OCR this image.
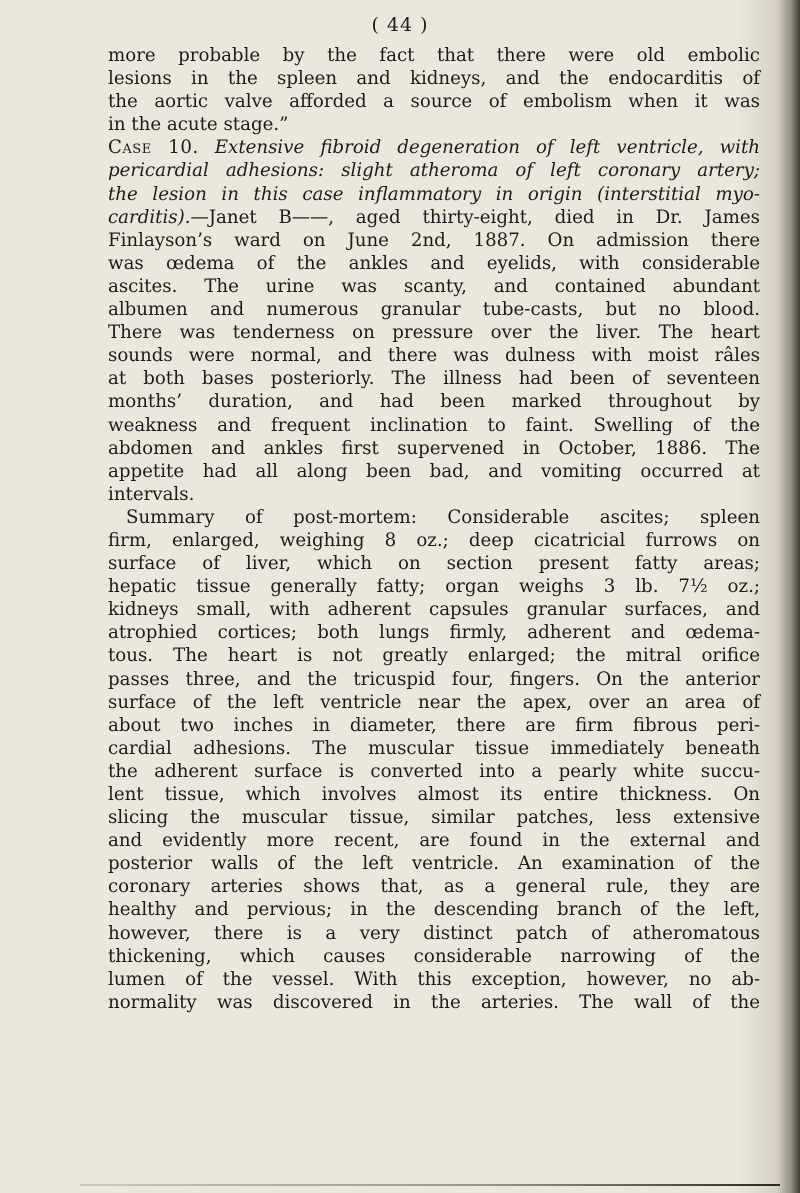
( 44 )
more probable by the fact that there were old embolic
lesions in the spleen and kidneys, and the endocarditis of
the aortic valve afforded a source of embolism when it was
in the acute stage.”
Case 10. Extensive fibroid degeneration of left ventricle, with
pericardial adhesions: slight atheroma of left coronary artery;
the lesion in this case inflammatory in origin (interstitial myo-
carditis).—Janet B——, aged thirty-eight, died in Dr. James
Finlayson’s ward on June 2nd, 1887. On admission there
was œdema of the ankles and eyelids, with considerable
ascites. The urine was scanty, and contained abundant
albumen and numerous granular tube-casts, but no blood.
There was tenderness on pressure over the liver. The heart
sounds were normal, and there was dulness with moist râles
at both bases posteriorly. The illness had been of seventeen
months’ duration, and had been marked throughout by
weakness and frequent inclination to faint. Swelling of the
abdomen and ankles first supervened in October, 1886. The
appetite had all along been bad, and vomiting occurred at
intervals.
Summary of post-mortem: Considerable ascites; spleen
firm, enlarged, weighing 8 oz.; deep cicatricial furrows on
surface of liver, which on section present fatty areas;
hepatic tissue generally fatty; organ weighs 3 lb. 7½ oz.;
kidneys small, with adherent capsules granular surfaces, and
atrophied cortices; both lungs firmly, adherent and œdema-
tous. The heart is not greatly enlarged; the mitral orifice
passes three, and the tricuspid four, fingers. On the anterior
surface of the left ventricle near the apex, over an area of
about two inches in diameter, there are firm fibrous peri-
cardial adhesions. The muscular tissue immediately beneath
the adherent surface is converted into a pearly white succu-
lent tissue, which involves almost its entire thickness. On
slicing the muscular tissue, similar patches, less extensive
and evidently more recent, are found in the external and
posterior walls of the left ventricle. An examination of the
coronary arteries shows that, as a general rule, they are
healthy and pervious; in the descending branch of the left,
however, there is a very distinct patch of atheromatous
thickening, which causes considerable narrowing of the
lumen of the vessel. With this exception, however, no ab-
normality was discovered in the arteries. The wall of the
